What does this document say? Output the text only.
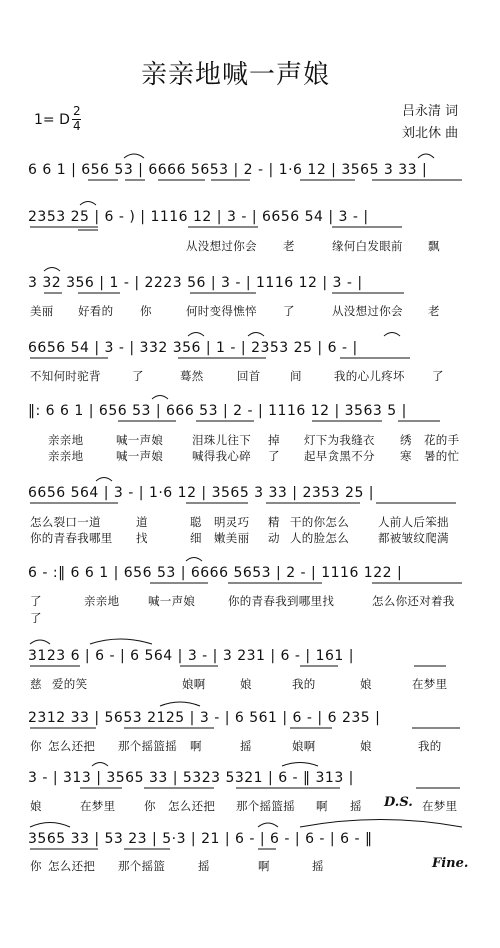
亲亲地喊一声娘
1= D
2
4
吕永清 词
刘北休 曲
6 6 1 | 656 53 | 6666 5653 | 2 - | 1·6 12 | 3565 3 33 |
2353 25 | 6 - ) | 1116 12 | 3 - | 6656 54 | 3 - |
从没想过你会 老	缘何白发眼前 飘
3 32 356 | 1 - | 2223 56 | 3 - | 1116 12 | 3 - |
美丽 好看的 你	何时变得憔悴 了	从没想过你会 老
6656 54 | 3 - | 332 356 | 1 - | 2353 25 | 6 - |
不知何时驼背	了	蓦然	回首	间	我的心儿疼坏 了
‖: 6 6 1 | 656 53 | 666 53 | 2 - | 1116 12 | 3563 5 |
亲亲地	喊一声娘	泪珠儿往下 掉 灯下为我缝衣 绣 花的手
亲亲地	喊一声娘	喊得我心碎 了 起早贪黑不分 寒 暑的忙
6656 564 | 3 - | 1·6 12 | 3565 3 33 | 2353 25 |
怎么裂口一道	道	聪 明灵巧 精 干的你怎么	人前人后笨拙
你的青春我哪里 找	细 嫩美丽 动 人的脸怎么	都被皱纹爬满
6 - :‖ 6 6 1 | 656 53 | 6666 5653 | 2 - | 1116 122 |
了	亲亲地 喊一声娘	你的青春我到哪里找	怎么你还对着我
了
3123 6 | 6 - | 6 564 | 3 - | 3 231 | 6 - | 161 |
慈 爱的笑	娘啊	娘	我的	娘	在梦里
2312 33 | 5653 2125 | 3 - | 6 561 | 6 - | 6 235 |
你 怎么还把 那个摇篮摇 啊	摇	娘啊	娘	我的
3 - | 313 | 3565 33 | 5323 5321 | 6 - ‖ 313 |
娘	在梦里 你 怎么还把 那个摇篮摇 啊 摇 D.S. 在梦里
3565 33 | 53 23 | 5·3 | 21 | 6 - | 6 - | 6 - | 6 - ‖
你 怎么还把 那个摇篮	摇	啊	摇	Fine.
